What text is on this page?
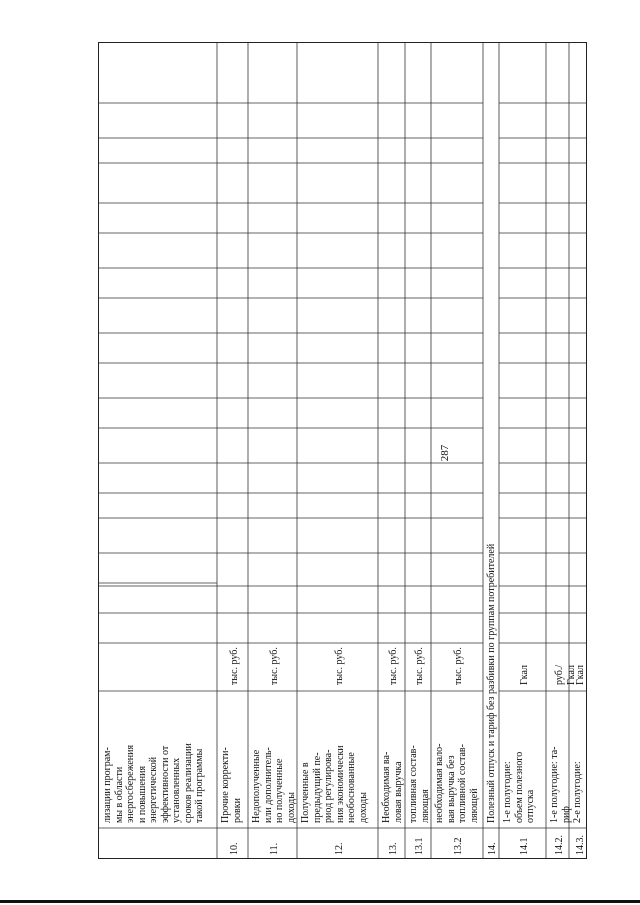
287
лизации програм-
мы в области
энергосбережения
и повышения
энергетической
эффективности от
установленных
сроков реализации
такой программы
10.
Прочие корректи-
ровки
тыс. руб.
11.
Недополученные
или дополнитель-
но полученные
доходы
тыс. руб.
12.
Полученные в
предыдущий пе-
риод регулирова-
ния экономически
необоснованные
доходы
тыс. руб.
13.
Необходимая ва-
ловая выручка
тыс. руб.
13.1
топливная состав-
ляющая
тыс. руб.
13.2
необходимая вало-
вая выручка без
топливной состав-
ляющей
тыс. руб.
14.
Полезный отпуск и тариф без разбивки по группам потребителей
14.1
1-е полугодие:
объем полезного
отпуска
Гкал
14.2.
1-е полугодие: та-
риф
руб./
Гкал
14.3.
2-е полугодие:
Гкал
